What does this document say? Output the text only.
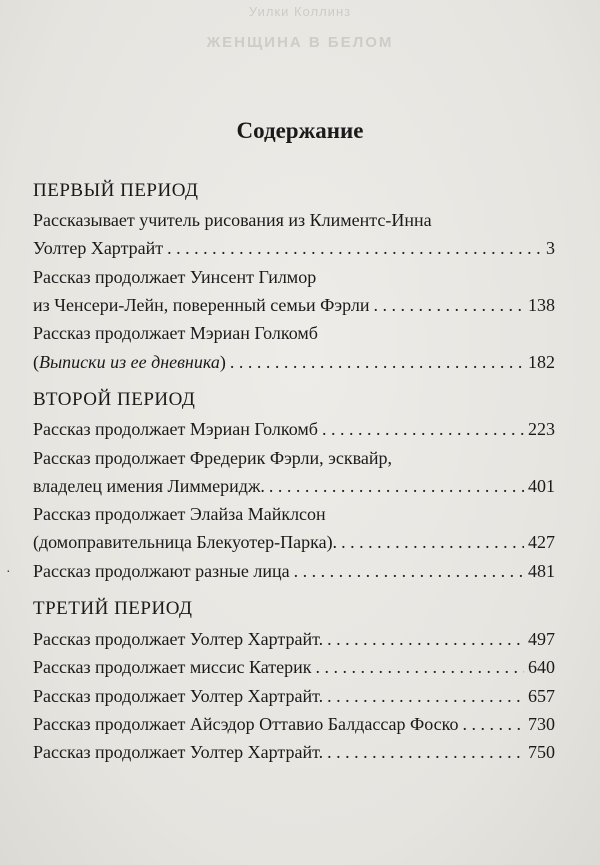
Уилки Коллинз
ЖЕНЩИНА В БЕЛОМ
Содержание
ПЕРВЫЙ ПЕРИОД
Рассказывает учитель рисования из Климентс-Инна
Уолтер Хартрайт . . .	3
Рассказ продолжает Уинсент Гилмор
из Ченсери-Лейн, поверенный семьи Фэрли . . .	138
Рассказ продолжает Мэриан Голкомб
(Выписки из ее дневника) . . .	182
ВТОРОЙ ПЕРИОД
Рассказ продолжает Мэриан Голкомб . . .	223
Рассказ продолжает Фредерик Фэрли, эсквайр,
владелец имения Лиммеридж. . . .	401
Рассказ продолжает Элайза Майклсон
(домоправительница Блекуотер-Парка). . . .	427
Рассказ продолжают разные лица . . .	481
ТРЕТИЙ ПЕРИОД
Рассказ продолжает Уолтер Хартрайт. . . .	497
Рассказ продолжает миссис Катерик . . .	640
Рассказ продолжает Уолтер Хартрайт. . . .	657
Рассказ продолжает Айсэдор Оттавио Балдассар Фоско . . .	730
Рассказ продолжает Уолтер Хартрайт. . . .	750
·
